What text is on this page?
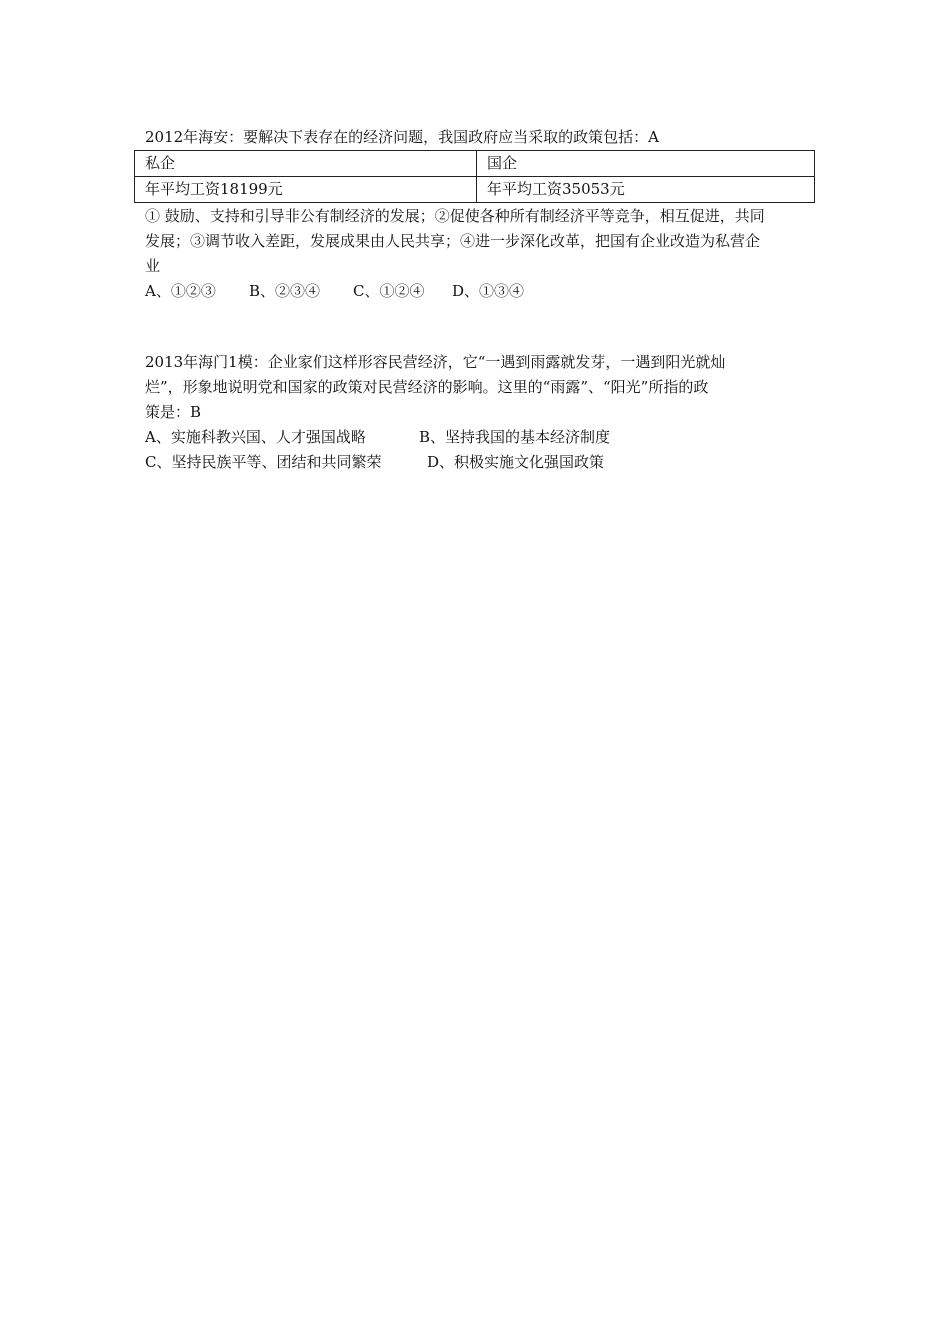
2012年海安：要解决下表存在的经济问题，我国政府应当采取的政策包括：A
私企	国企
年平均工资18199元	年平均工资35053元
① 鼓励、支持和引导非公有制经济的发展；②促使各种所有制经济平等竞争，相互促进，共同
发展；③调节收入差距，发展成果由人民共享；④进一步深化改革，把国有企业改造为私营企
业
A、①②③ B、②③④ C、①②④ D、①③④
2013年海门1模：企业家们这样形容民营经济，它“一遇到雨露就发芽，一遇到阳光就灿
烂”，形象地说明党和国家的政策对民营经济的影响。这里的“雨露”、“阳光”所指的政
策是：B
A、实施科教兴国、人才强国战略	B、坚持我国的基本经济制度
C、坚持民族平等、团结和共同繁荣	D、积极实施文化强国政策
